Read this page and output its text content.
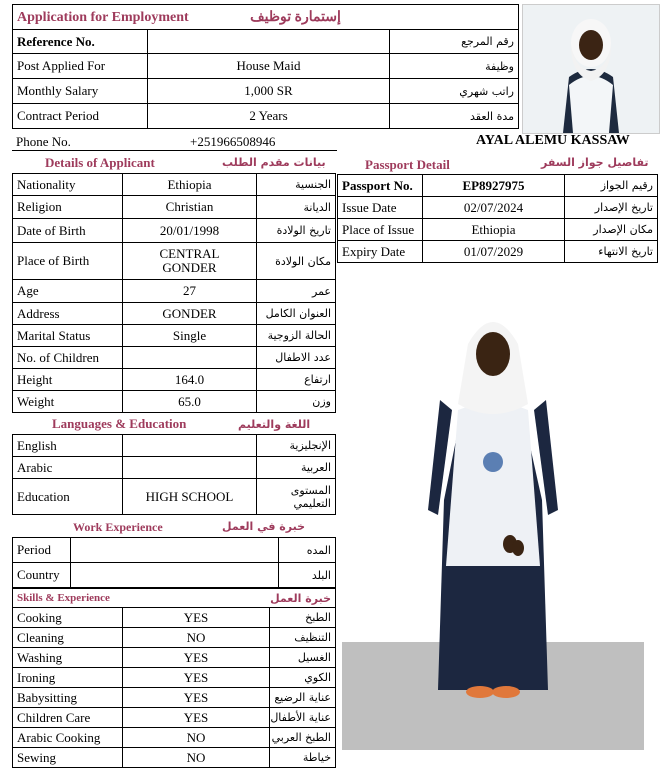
Application for Employment إستمارة توظيف		
Reference No.		رقم المرجع
Post Applied For	House Maid	وظيفة
Monthly Salary	1,000 SR	راتب شهري
Contract Period	2 Years	مدة العقد
Phone No.	+251966508946	AYAL ALEMU KASSAW
Details of Applicant	بيانات مقدم الطلب
Nationality	Ethiopia	الجنسية
Religion	Christian	الديانة
Date of Birth	20/01/1998	تاريخ الولادة
Place of Birth	CENTRAL GONDER	مكان الولادة
Age	27	عمر
Address	GONDER	العنوان الكامل
Marital Status	Single	الحالة الزوجية
No. of Children		عدد الاطفال
Height	164.0	ارتفاع
Weight	65.0	وزن
Passport Detail	تفاصيل جواز السفر
Passport No.	EP8927975	رقيم الجواز
Issue Date	02/07/2024	تاريخ الإصدار
Place of Issue	Ethiopia	مكان الإصدار
Expiry Date	01/07/2029	تاريخ الانتهاء
Languages & Education	اللغة والتعليم
English		الإنجليزية
Arabic		العربية
Education	HIGH SCHOOL	المستوى التعليمي
Work Experience	خبرة في العمل
Period		المده
Country		البلد
Skills & Experience		خبرة العمل
Cooking	YES	الطبخ
Cleaning	NO	التنظيف
Washing	YES	الغسيل
Ironing	YES	الكوي
Babysitting	YES	عناية الرضيع
Children Care	YES	عناية الأطفال
Arabic Cooking	NO	الطبخ العربي
Sewing	NO	خياطة
